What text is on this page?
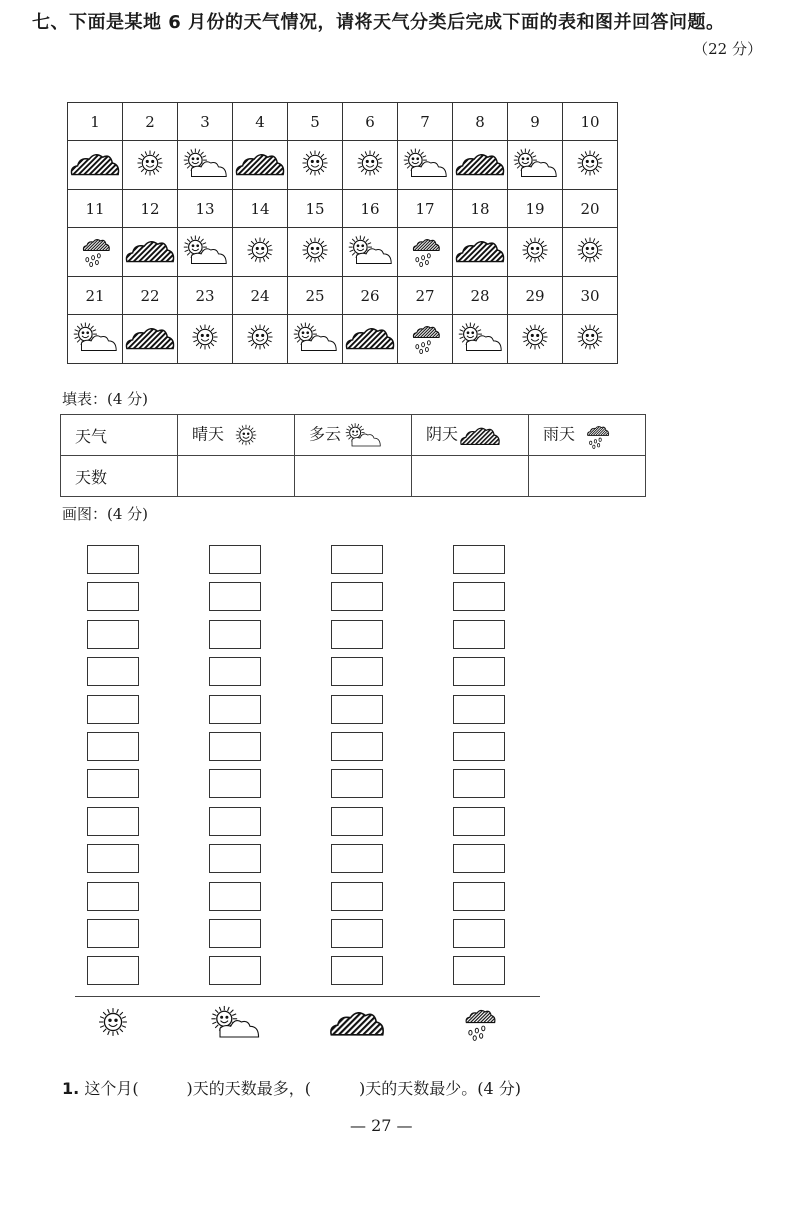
七、下面是某地 6 月份的天气情况，请将天气分类后完成下面的表和图并回答问题。
（22 分）
1	2	3	4	5	6	7	8	9	10

11	12	13	14	15	16	17	18	19	20

21	22	23	24	25	26	27	28	29	30

填表：(4 分)
天气	晴天	多云	阴天	雨天
天数				
画图：(4 分)
1. 这个月(　　　)天的天数最多，(　　　)天的天数最少。(4 分)
— 27 —
